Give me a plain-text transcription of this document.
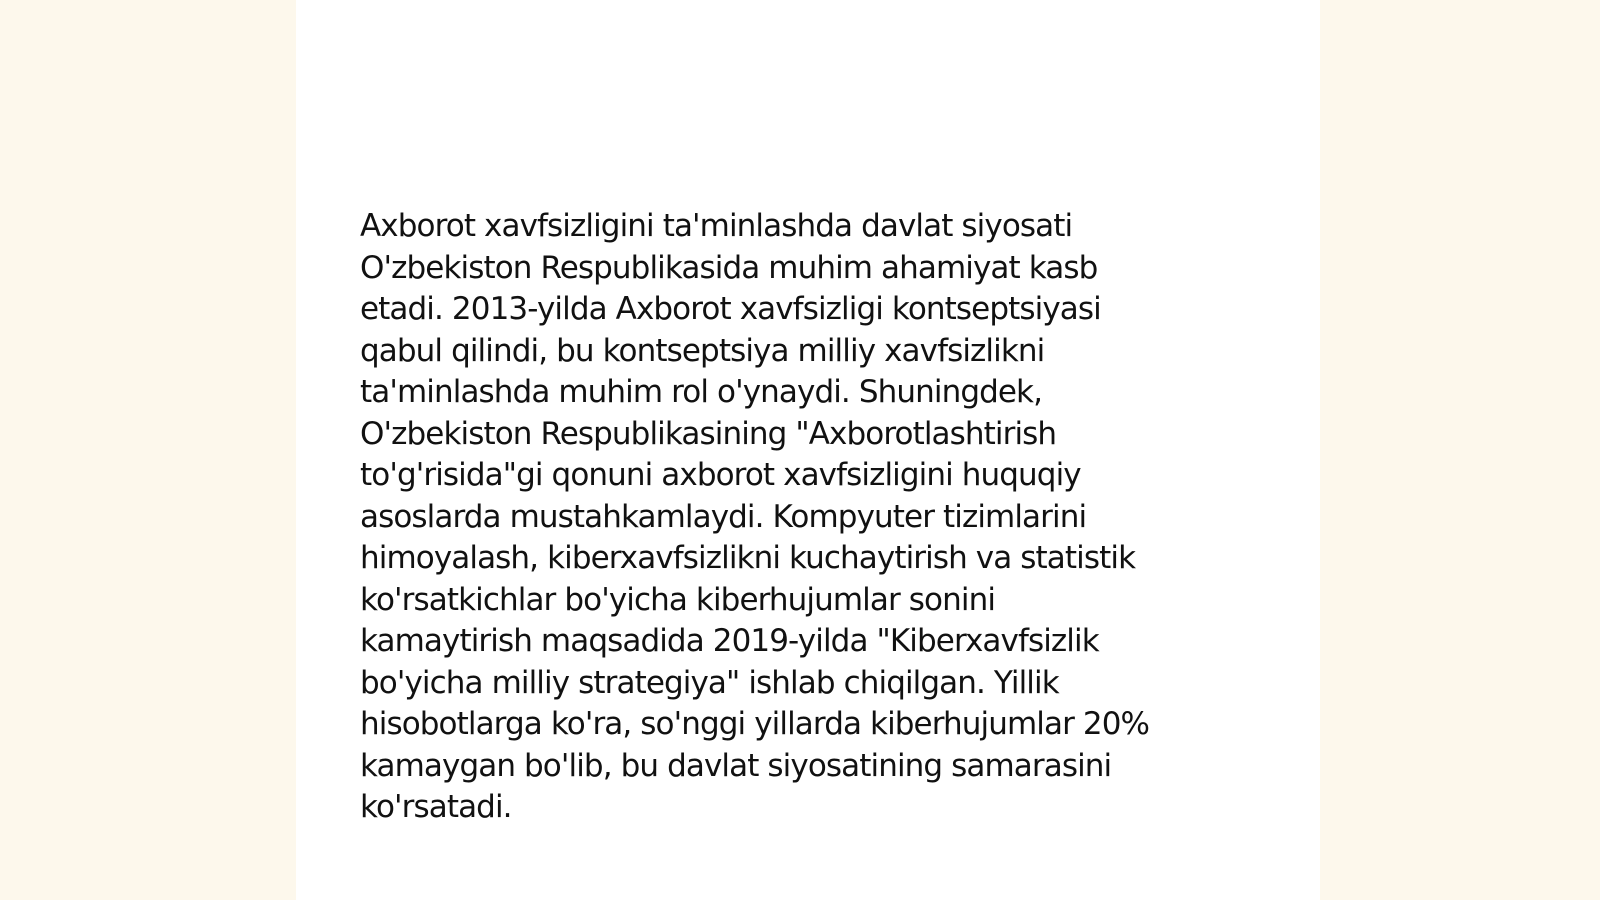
Axborot xavfsizligini ta'minlashda davlat siyosati
O'zbekiston Respublikasida muhim ahamiyat kasb
etadi. 2013-yilda Axborot xavfsizligi kontseptsiyasi
qabul qilindi, bu kontseptsiya milliy xavfsizlikni
ta'minlashda muhim rol o'ynaydi. Shuningdek,
O'zbekiston Respublikasining "Axborotlashtirish
to'g'risida"gi qonuni axborot xavfsizligini huquqiy
asoslarda mustahkamlaydi. Kompyuter tizimlarini
himoyalash, kiberxavfsizlikni kuchaytirish va statistik
ko'rsatkichlar bo'yicha kiberhujumlar sonini
kamaytirish maqsadida 2019-yilda "Kiberxavfsizlik
bo'yicha milliy strategiya" ishlab chiqilgan. Yillik
hisobotlarga ko'ra, so'nggi yillarda kiberhujumlar 20%
kamaygan bo'lib, bu davlat siyosatining samarasini
ko'rsatadi.
